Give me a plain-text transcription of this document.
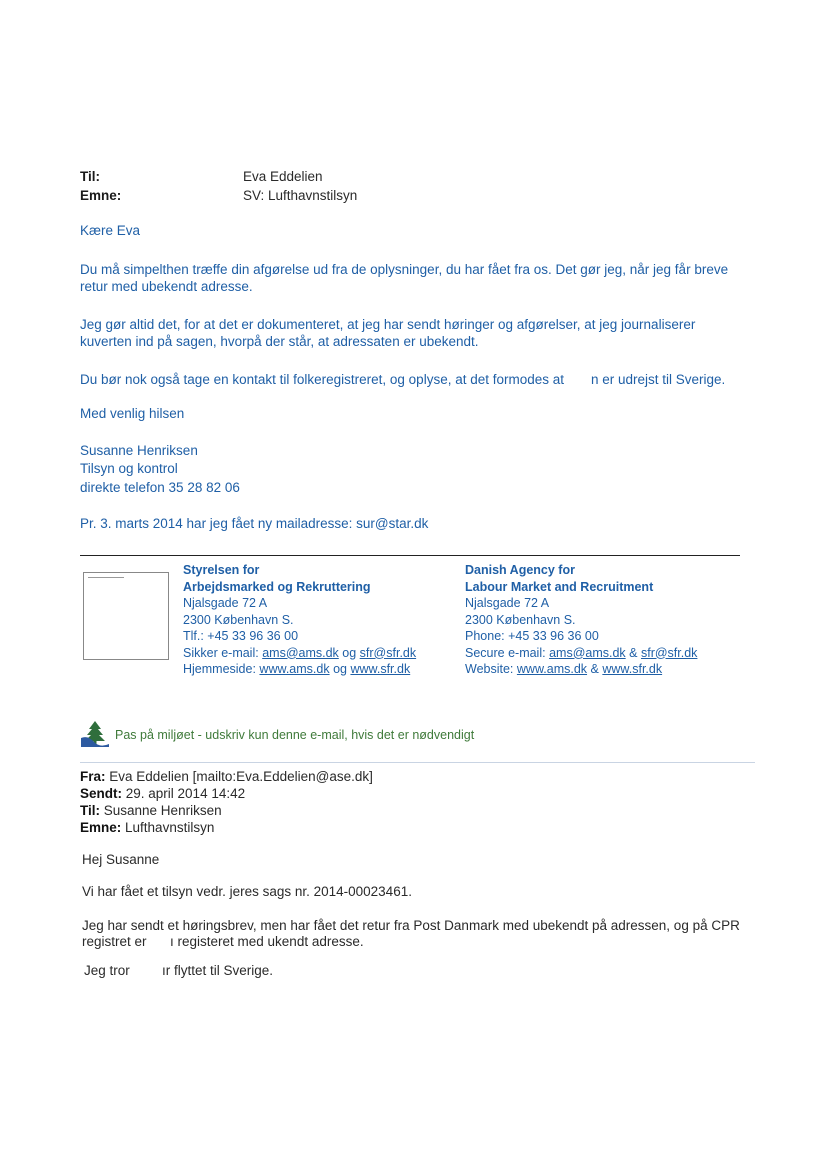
Til:	Eva Eddelien
Emne:	SV: Lufthavnstilsyn
Kære Eva
Du må simpelthen træffe din afgørelse ud fra de oplysninger, du har fået fra os. Det gør jeg, når jeg får breve
retur med ubekendt adresse.
Jeg gør altid det, for at det er dokumenteret, at jeg har sendt høringer og afgørelser, at jeg journaliserer
kuverten ind på sagen, hvorpå der står, at adressaten er ubekendt.
Du bør nok også tage en kontakt til folkeregistreret, og oplyse, at det formodes at n er udrejst til Sverige.
Med venlig hilsen
Susanne Henriksen
Tilsyn og kontrol
direkte telefon 35 28 82 06
Pr. 3. marts 2014 har jeg fået ny mailadresse: sur@star.dk
Styrelsen for
Arbejdsmarked og Rekruttering
Njalsgade 72 A
2300 København S.
Tlf.: +45 33 96 36 00
Sikker e-mail: ams@ams.dk og sfr@sfr.dk
Hjemmeside: www.ams.dk og www.sfr.dk
Danish Agency for
Labour Market and Recruitment
Njalsgade 72 A
2300 København S.
Phone: +45 33 96 36 00
Secure e-mail: ams@ams.dk & sfr@sfr.dk
Website: www.ams.dk & www.sfr.dk
Pas på miljøet - udskriv kun denne e-mail, hvis det er nødvendigt
Fra: Eva Eddelien [mailto:Eva.Eddelien@ase.dk]
Sendt: 29. april 2014 14:42
Til: Susanne Henriksen
Emne: Lufthavnstilsyn
Hej Susanne
Vi har fået et tilsyn vedr. jeres sags nr. 2014-00023461.
Jeg har sendt et høringsbrev, men har fået det retur fra Post Danmark med ubekendt på adressen, og på CPR
registret er ı registeret med ukendt adresse.
Jeg tror ır flyttet til Sverige.
